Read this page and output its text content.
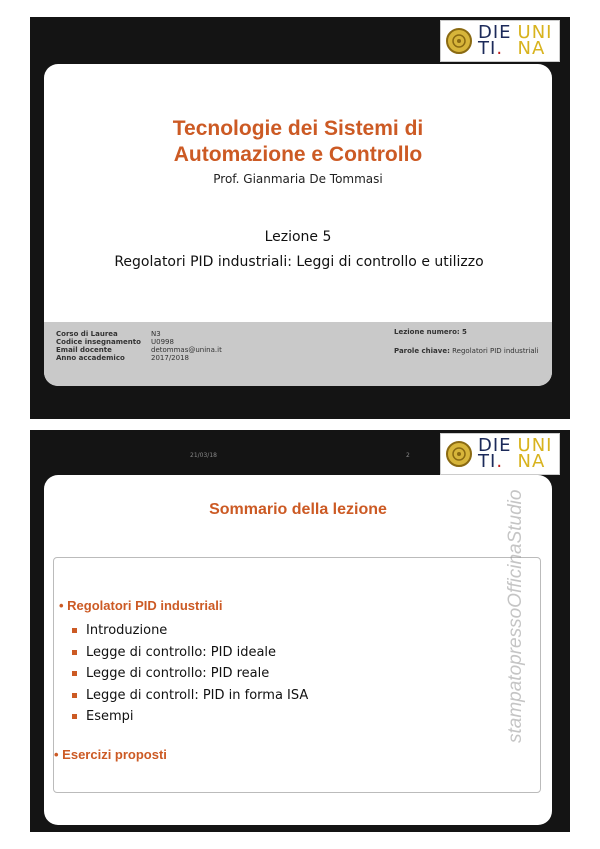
DIE UNI
TI. NA
Tecnologie dei Sistemi di
Automazione e Controllo
Prof. Gianmaria De Tommasi
Lezione 5
Regolatori PID industriali: Leggi di controllo e utilizzo
Corso di Laurea
Codice insegnamento
Email docente
Anno accademico
N3
U0998
detommas@unina.it
2017/2018
Lezione numero: 5
Parole chiave: Regolatori PID industriali
21/03/18	2	DIE UNI
TI. NA
Sommario della lezione
• Regolatori PID industriali
Introduzione
Legge di controllo: PID ideale
Legge di controllo: PID reale
Legge di controll: PID in forma ISA
Esempi
• Esercizi proposti
stampatopressoOfficinaStudio
